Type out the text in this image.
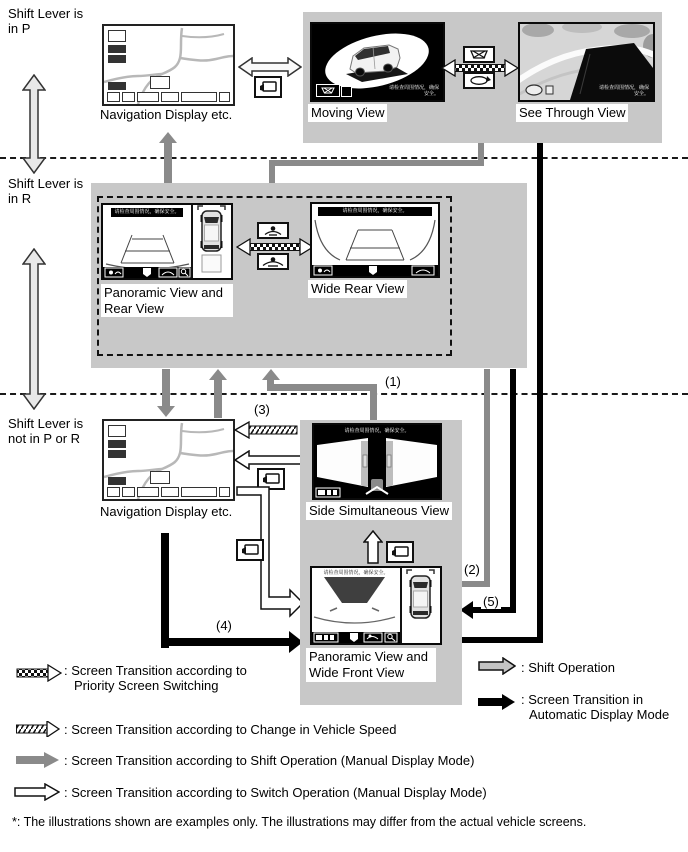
Shift Lever is
in P
Shift Lever is
in R
Shift Lever is
not in P or R
Navigation Display etc.
请检查周围情况，确保安全。
Moving View
请检查周围情况，确保安全。
See Through View
请检查周围情况，确保安全。
Panoramic View and
Rear View
请检查周围情况，确保安全。
Wide Rear View
(1)
(2)
(5)
Navigation Display etc.
(3)
(4)
请检查周围情况，确保安全。
Side Simultaneous View
请检查周围情况，确保安全。
Panoramic View and
Wide Front View	: Shift Operation
: Screen Transition in
Automatic Display Mode
: Screen Transition according to
Priority Screen Switching
: Screen Transition according to Change in Vehicle Speed
: Screen Transition according to Shift Operation (Manual Display Mode)
: Screen Transition according to Switch Operation (Manual Display Mode)
*: The illustrations shown are examples only. The illustrations may differ from the actual vehicle screens.
